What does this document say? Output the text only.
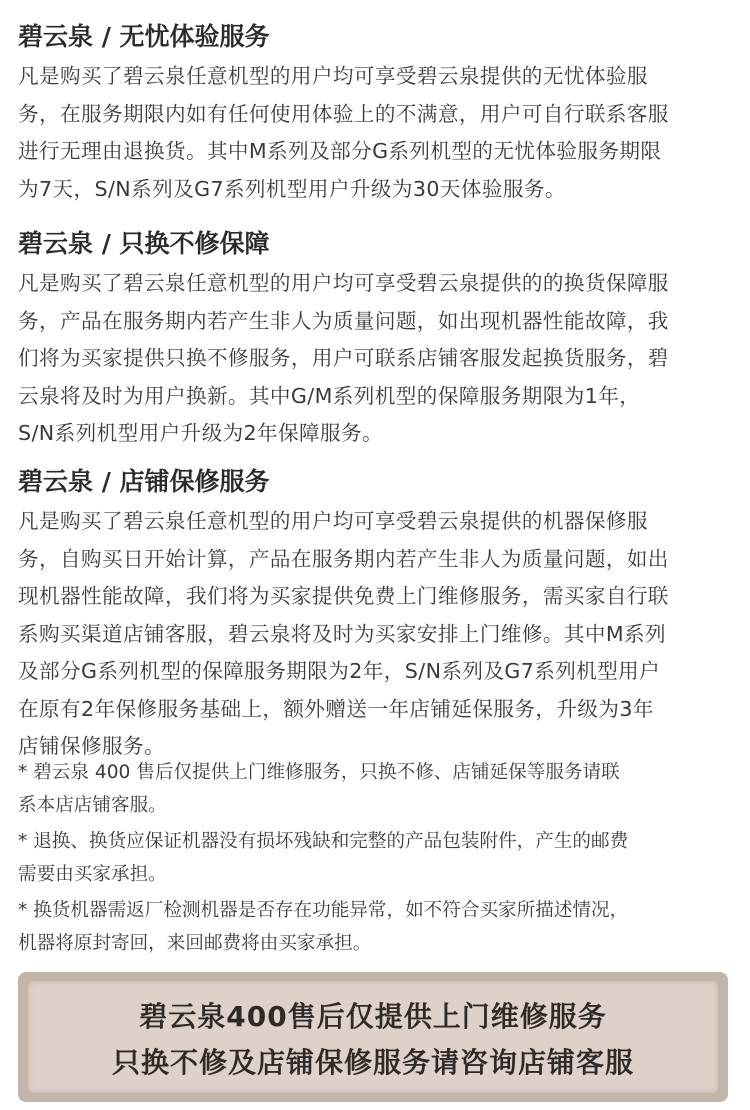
碧云泉 / 无忧体验服务
凡是购买了碧云泉任意机型的用户均可享受碧云泉提供的无忧体验服
务，在服务期限内如有任何使用体验上的不满意，用户可自行联系客服
进行无理由退换货。其中M系列及部分G系列机型的无忧体验服务期限
为7天，S/N系列及G7系列机型用户升级为30天体验服务。
碧云泉 / 只换不修保障
凡是购买了碧云泉任意机型的用户均可享受碧云泉提供的的换货保障服
务，产品在服务期内若产生非人为质量问题，如出现机器性能故障，我
们将为买家提供只换不修服务，用户可联系店铺客服发起换货服务，碧
云泉将及时为用户换新。其中G/M系列机型的保障服务期限为1年，
S/N系列机型用户升级为2年保障服务。
碧云泉 / 店铺保修服务
凡是购买了碧云泉任意机型的用户均可享受碧云泉提供的机器保修服
务，自购买日开始计算，产品在服务期内若产生非人为质量问题，如出
现机器性能故障，我们将为买家提供免费上门维修服务，需买家自行联
系购买渠道店铺客服，碧云泉将及时为买家安排上门维修。其中M系列
及部分G系列机型的保障服务期限为2年，S/N系列及G7系列机型用户
在原有2年保修服务基础上，额外赠送一年店铺延保服务，升级为3年
店铺保修服务。
* 碧云泉 400 售后仅提供上门维修服务，只换不修、店铺延保等服务请联
系本店店铺客服。
* 退换、换货应保证机器没有损坏残缺和完整的产品包装附件，产生的邮费
需要由买家承担。
* 换货机器需返厂检测机器是否存在功能异常，如不符合买家所描述情况，
机器将原封寄回，来回邮费将由买家承担。
碧云泉400售后仅提供上门维修服务
只换不修及店铺保修服务请咨询店铺客服
